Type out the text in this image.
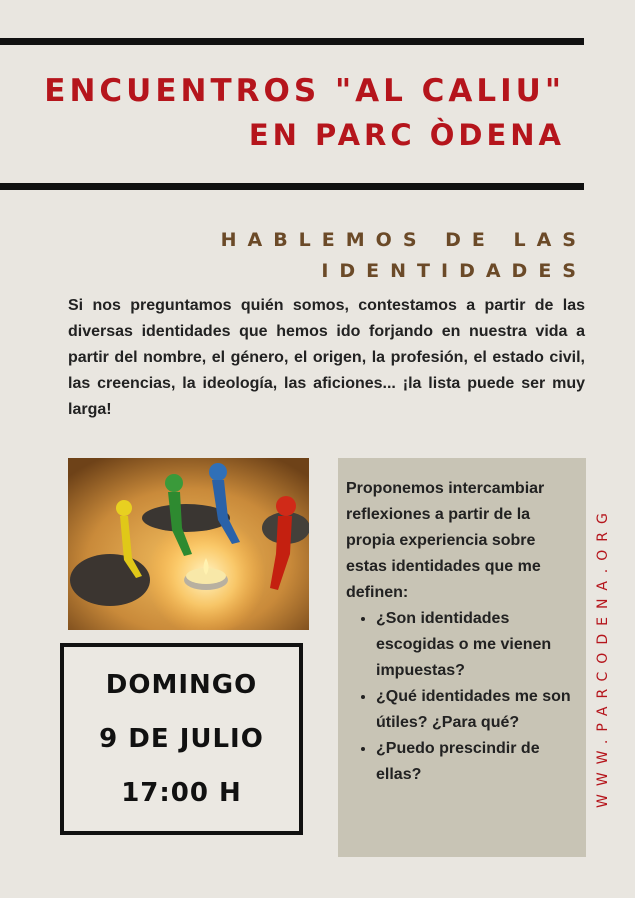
ENCUENTROS "AL CALIU"
EN PARC ÒDENA
HABLEMOS DE LAS
IDENTIDADES

Si nos preguntamos quién somos, contestamos a partir de las diversas identidades que hemos ido forjando en nuestra vida a partir del nombre, el género, el origen, la profesión, el estado civil, las creencias, la ideología, las aficiones... ¡la lista puede ser muy larga!

DOMINGO
9 DE JULIO
17:00 H

Proponemos intercambiar reflexiones a partir de la propia experiencia sobre estas identidades que me definen:

• ¿Son identidades escogidas o me vienen impuestas?
• ¿Qué identidades me son útiles? ¿Para qué?
• ¿Puedo prescindir de ellas?	WWW.PARCODENA.ORG
